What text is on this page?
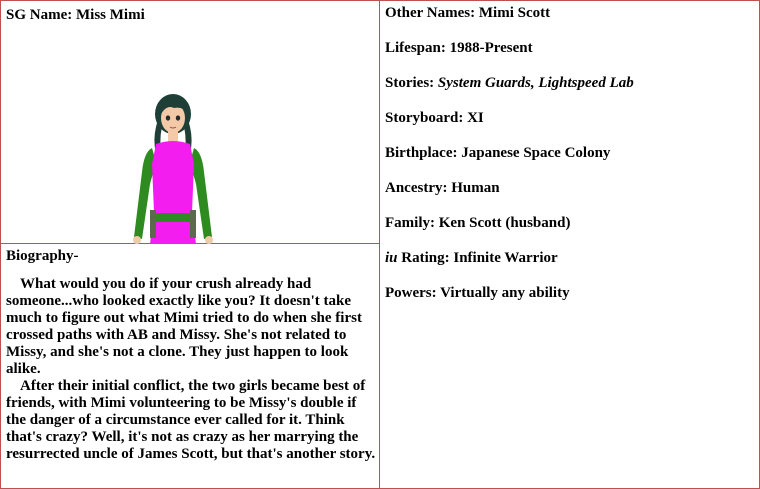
SG Name: Miss Mimi
Biography-

What would you do if your crush already had someone...who looked exactly like you? It doesn't take much to figure out what Mimi tried to do when she first crossed paths with AB and Missy. She's not related to Missy, and she's not a clone. They just happen to look alike.

After their initial conflict, the two girls became best of friends, with Mimi volunteering to be Missy's double if the danger of a circumstance ever called for it. Think that's crazy? Well, it's not as crazy as her marrying the resurrected uncle of James Scott, but that's another story.

Other Names: Mimi Scott
Lifespan: 1988-Present
Stories: System Guards, Lightspeed Lab
Storyboard: XI
Birthplace: Japanese Space Colony
Ancestry: Human
Family: Ken Scott (husband)
iu Rating: Infinite Warrior
Powers: Virtually any ability
